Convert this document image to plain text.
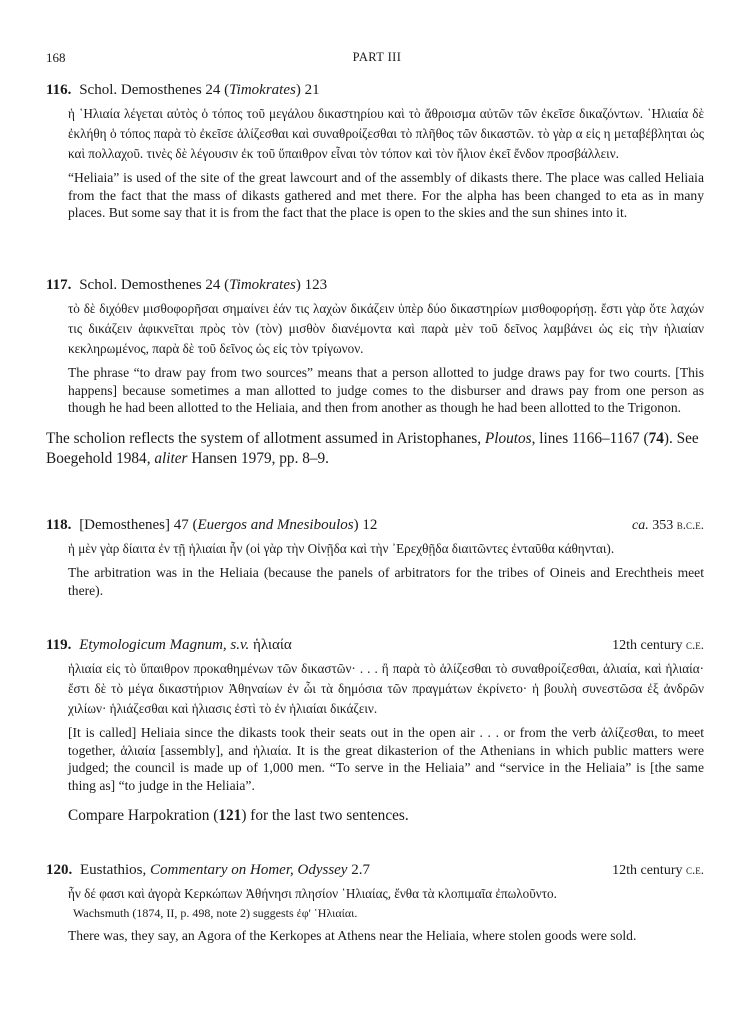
168	PART III
116. Schol. Demosthenes 24 (Timokrates) 21
ἡ ῾Ηλιαία λέγεται αὐτὸς ὁ τόπος τοῦ μεγάλου δικαστηρίου καὶ τὸ ἄθροισμα αὐτῶν τῶν ἐκεῖσε δικαζόντων. ῾Ηλιαία δὲ ἐκλήθη ὁ τόπος παρὰ τὸ ἐκεῖσε ἁλίζεσθαι καὶ συναθροίζεσθαι τὸ πλῆθος τῶν δικαστῶν. τὸ γὰρ α εἰς η μεταβέβληται ὡς καὶ πολλαχοῦ. τινὲς δὲ λέγουσιν ἐκ τοῦ ὕπαιθρον εἶναι τὸν τόπον καὶ τὸν ἥλιον ἐκεῖ ἔνδον προσβάλλειν.
“Heliaia” is used of the site of the great lawcourt and of the assembly of dikasts there. The place was called Heliaia from the fact that the mass of dikasts gathered and met there. For the alpha has been changed to eta as in many places. But some say that it is from the fact that the place is open to the skies and the sun shines into it.
117. Schol. Demosthenes 24 (Timokrates) 123
τὸ δὲ διχόθεν μισθοφορῆσαι σημαίνει ἐάν τις λαχὼν δικάζειν ὑπὲρ δύο δικαστηρίων μισθοφορήσῃ. ἔστι γὰρ ὅτε λαχών τις δικάζειν ἀφικνεῖται πρὸς τὸν (τὸν) μισθὸν διανέμοντα καὶ παρὰ μὲν τοῦ δεῖνος λαμβάνει ὡς εἰς τὴν ἡλιαίαν κεκληρωμένος, παρὰ δὲ τοῦ δεῖνος ὡς εἰς τὸν τρίγωνον.
The phrase “to draw pay from two sources” means that a person allotted to judge draws pay for two courts. [This happens] because sometimes a man allotted to judge comes to the disburser and draws pay from one person as though he had been allotted to the Heliaia, and then from another as though he had been allotted to the Trigonon.
The scholion reflects the system of allotment assumed in Aristophanes, Ploutos, lines 1166–1167 (74). See Boegehold 1984, aliter Hansen 1979, pp. 8–9.
118. [Demosthenes] 47 (Euergos and Mnesiboulos) 12	ca. 353 b.c.e.
ἡ μὲν γὰρ δίαιτα ἐν τῇ ἡλιαίαι ἦν (οἱ γὰρ τὴν Οἰνῇδα καὶ τὴν ᾿Ερεχθῇδα διαιτῶντες ἐνταῦθα κάθηνται).
The arbitration was in the Heliaia (because the panels of arbitrators for the tribes of Oineis and Erechtheis meet there).
119. Etymologicum Magnum, s.v. ἡλιαία	12th century c.e.
ἡλιαία εἰς τὸ ὕπαιθρον προκαθημένων τῶν δικαστῶν· . . . ἢ παρὰ τὸ ἁλίζεσθαι τὸ συναθροίζεσθαι, ἁλιαία, καὶ ἡλιαία· ἔστι δὲ τὸ μέγα δικαστήριον Ἀθηναίων ἐν ὧι τὰ δημόσια τῶν πραγμάτων ἐκρίνετο· ἡ βουλὴ συνεστῶσα ἐξ ἀνδρῶν χιλίων· ἡλιάζεσθαι καὶ ἡλιασις ἐστὶ τὸ ἐν ἡλιαίαι δικάζειν.
[It is called] Heliaia since the dikasts took their seats out in the open air . . . or from the verb ἁλίζεσθαι, to meet together, ἁλιαία [assembly], and ἡλιαία. It is the great dikasterion of the Athenians in which public matters were judged; the council is made up of 1,000 men. “To serve in the Heliaia” and “service in the Heliaia” is [the same thing as] “to judge in the Heliaia”.
Compare Harpokration (121) for the last two sentences.
120. Eustathios, Commentary on Homer, Odyssey 2.7	12th century c.e.
ἦν δέ φασι καὶ ἀγορὰ Κερκώπων Ἀθήνησι πλησίον ῾Ηλιαίας, ἔνθα τὰ κλοπιμαῖα ἐπωλοῦντο.
Wachsmuth (1874, II, p. 498, note 2) suggests ἐφ' ῾Ηλιαίαι.
There was, they say, an Agora of the Kerkopes at Athens near the Heliaia, where stolen goods were sold.
